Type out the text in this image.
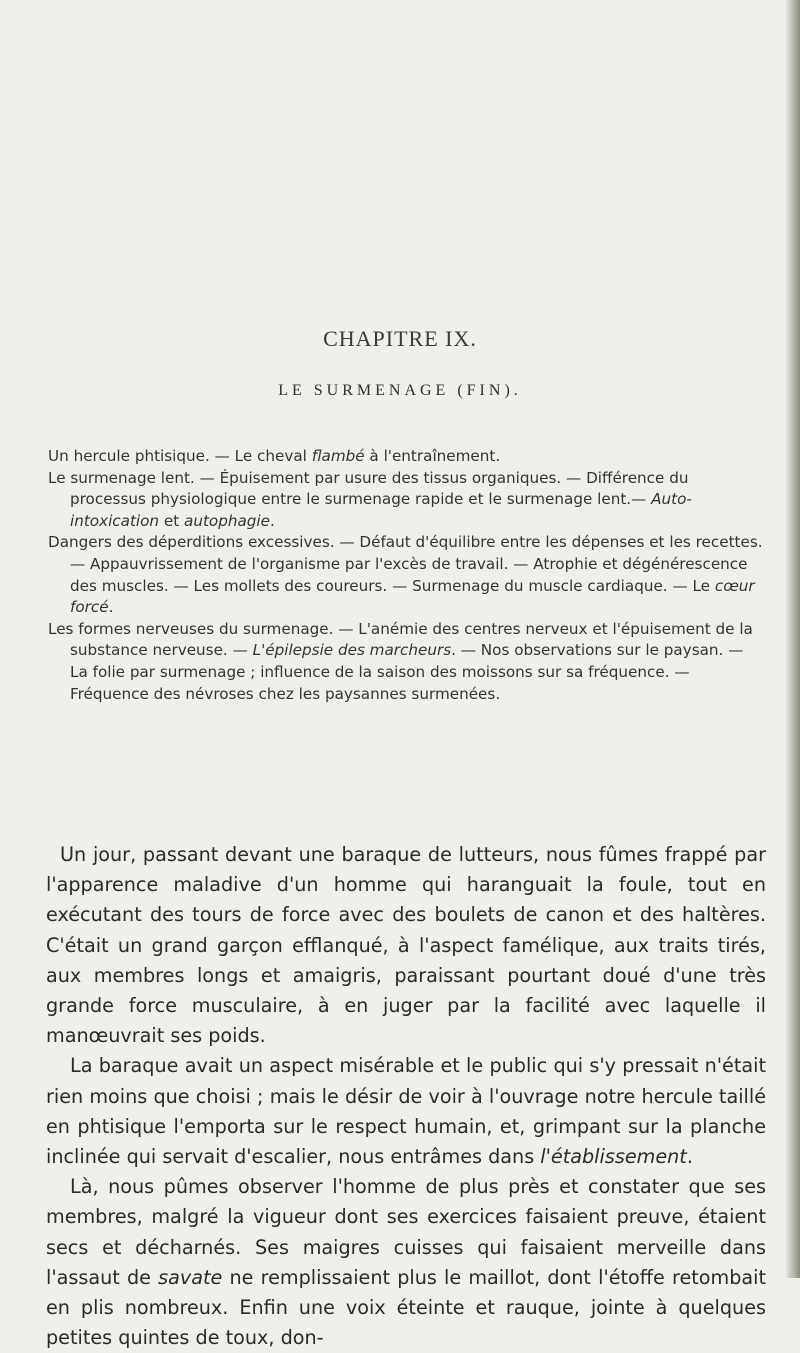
CHAPITRE IX.
LE SURMENAGE (FIN).

Un hercule phtisique. — Le cheval flambé à l'entraînement.

Le surmenage lent. — Épuisement par usure des tissus organiques. — Différence du processus physiologique entre le surmenage rapide et le surmenage lent.— Auto-intoxication et autophagie.

Dangers des déperditions excessives. — Défaut d'équilibre entre les dépenses et les recettes. — Appauvrissement de l'organisme par l'excès de travail. — Atrophie et dégénérescence des muscles. — Les mollets des coureurs. — Surmenage du muscle cardiaque. — Le cœur forcé.

Les formes nerveuses du surmenage. — L'anémie des centres nerveux et l'épuisement de la substance nerveuse. — L'épilepsie des marcheurs. — Nos observations sur le paysan. — La folie par surmenage ; influence de la saison des moissons sur sa fréquence. — Fréquence des névroses chez les paysannes surmenées.

Un jour, passant devant une baraque de lutteurs, nous fûmes frappé par l'apparence maladive d'un homme qui haranguait la foule, tout en exécutant des tours de force avec des boulets de canon et des haltères. C'était un grand garçon efflanqué, à l'aspect famélique, aux traits tirés, aux membres longs et amaigris, paraissant pourtant doué d'une très grande force musculaire, à en juger par la facilité avec laquelle il manœuvrait ses poids.

La baraque avait un aspect misérable et le public qui s'y pressait n'était rien moins que choisi ; mais le désir de voir à l'ouvrage notre hercule taillé en phtisique l'emporta sur le respect humain, et, grimpant sur la planche inclinée qui servait d'escalier, nous entrâmes dans l'établissement.

Là, nous pûmes observer l'homme de plus près et constater que ses membres, malgré la vigueur dont ses exercices faisaient preuve, étaient secs et décharnés. Ses maigres cuisses qui faisaient merveille dans l'assaut de savate ne remplissaient plus le maillot, dont l'étoffe retombait en plis nombreux. Enfin une voix éteinte et rauque, jointe à quelques petites quintes de toux, don-
